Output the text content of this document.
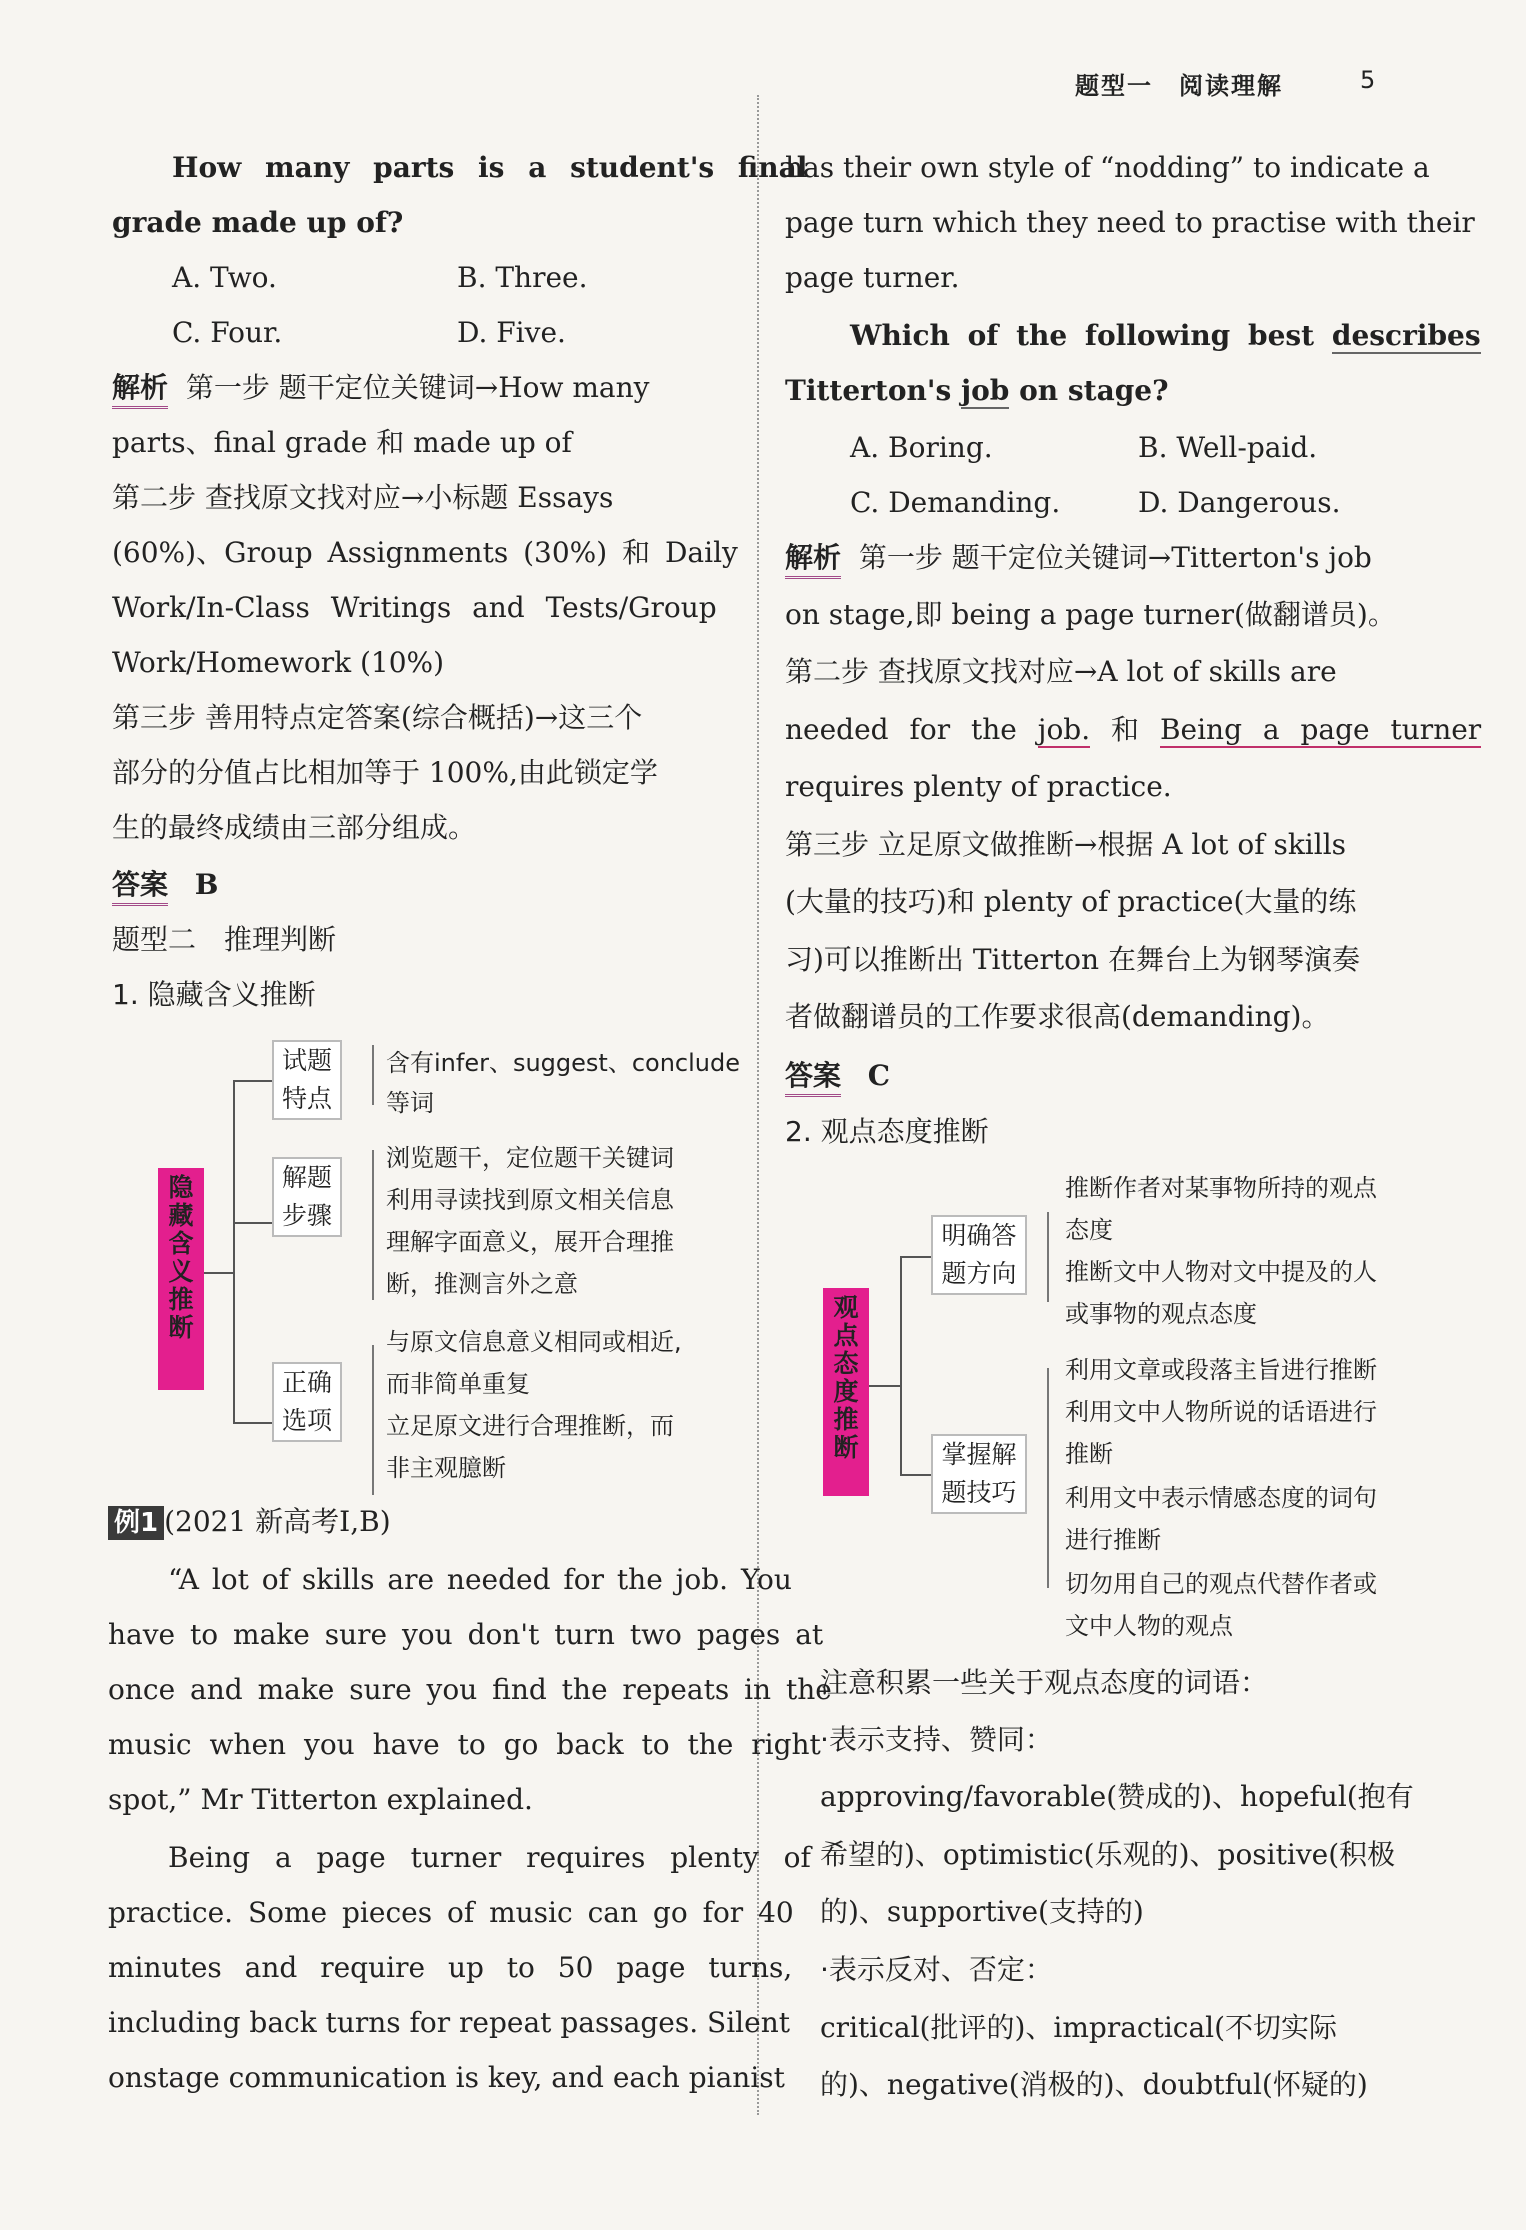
题型一　阅读理解	5
How many parts is a student's final
grade made up of?
A. Two.	B. Three.
C. Four.	D. Five.
解析 第一步 题干定位关键词→How many
parts、final grade 和 made up of
第二步 查找原文找对应→小标题 Essays
(60%)、Group Assignments (30%) 和 Daily
Work/In-Class Writings and Tests/Group
Work/Homework (10%)
第三步 善用特点定答案(综合概括)→这三个
部分的分值占比相加等于 100%,由此锁定学
生的最终成绩由三部分组成。
答案 B
题型二　推理判断
1. 隐藏含义推断
隐藏含义推断
试题特点
解题步骤
正确选项
含有infer、suggest、conclude
等词
浏览题干，定位题干关键词
利用寻读找到原文相关信息
理解字面意义，展开合理推
断，推测言外之意
与原文信息意义相同或相近,
而非简单重复
立足原文进行合理推断，而
非主观臆断
例1 (2021 新高考Ⅰ,B)
“A lot of skills are needed for the job. You
have to make sure you don't turn two pages at
once and make sure you find the repeats in the
music when you have to go back to the right
spot,” Mr Titterton explained.
Being a page turner requires plenty of
practice. Some pieces of music can go for 40
minutes and require up to 50 page turns,
including back turns for repeat passages. Silent
onstage communication is key, and each pianist
has their own style of “nodding” to indicate a
page turn which they need to practise with their
page turner.
Which of the following best describes
Titterton's job on stage?
A. Boring.	B. Well-paid.
C. Demanding.	D. Dangerous.
解析 第一步 题干定位关键词→Titterton's job
on stage,即 being a page turner(做翻谱员)。
第二步 查找原文找对应→A lot of skills are
needed for the job. 和 Being a page turner
requires plenty of practice.
第三步 立足原文做推断→根据 A lot of skills
(大量的技巧)和 plenty of practice(大量的练
习)可以推断出 Titterton 在舞台上为钢琴演奏
者做翻谱员的工作要求很高(demanding)。
答案 C
2. 观点态度推断
观点态度推断
明确答题方向
掌握解题技巧
推断作者对某事物所持的观点
态度
推断文中人物对文中提及的人
或事物的观点态度
利用文章或段落主旨进行推断
利用文中人物所说的话语进行
推断
利用文中表示情感态度的词句
进行推断
切勿用自己的观点代替作者或
文中人物的观点
注意积累一些关于观点态度的词语：
·表示支持、赞同：
approving/favorable(赞成的)、hopeful(抱有
希望的)、optimistic(乐观的)、positive(积极
的)、supportive(支持的)
·表示反对、否定：
critical(批评的)、impractical(不切实际
的)、negative(消极的)、doubtful(怀疑的)
